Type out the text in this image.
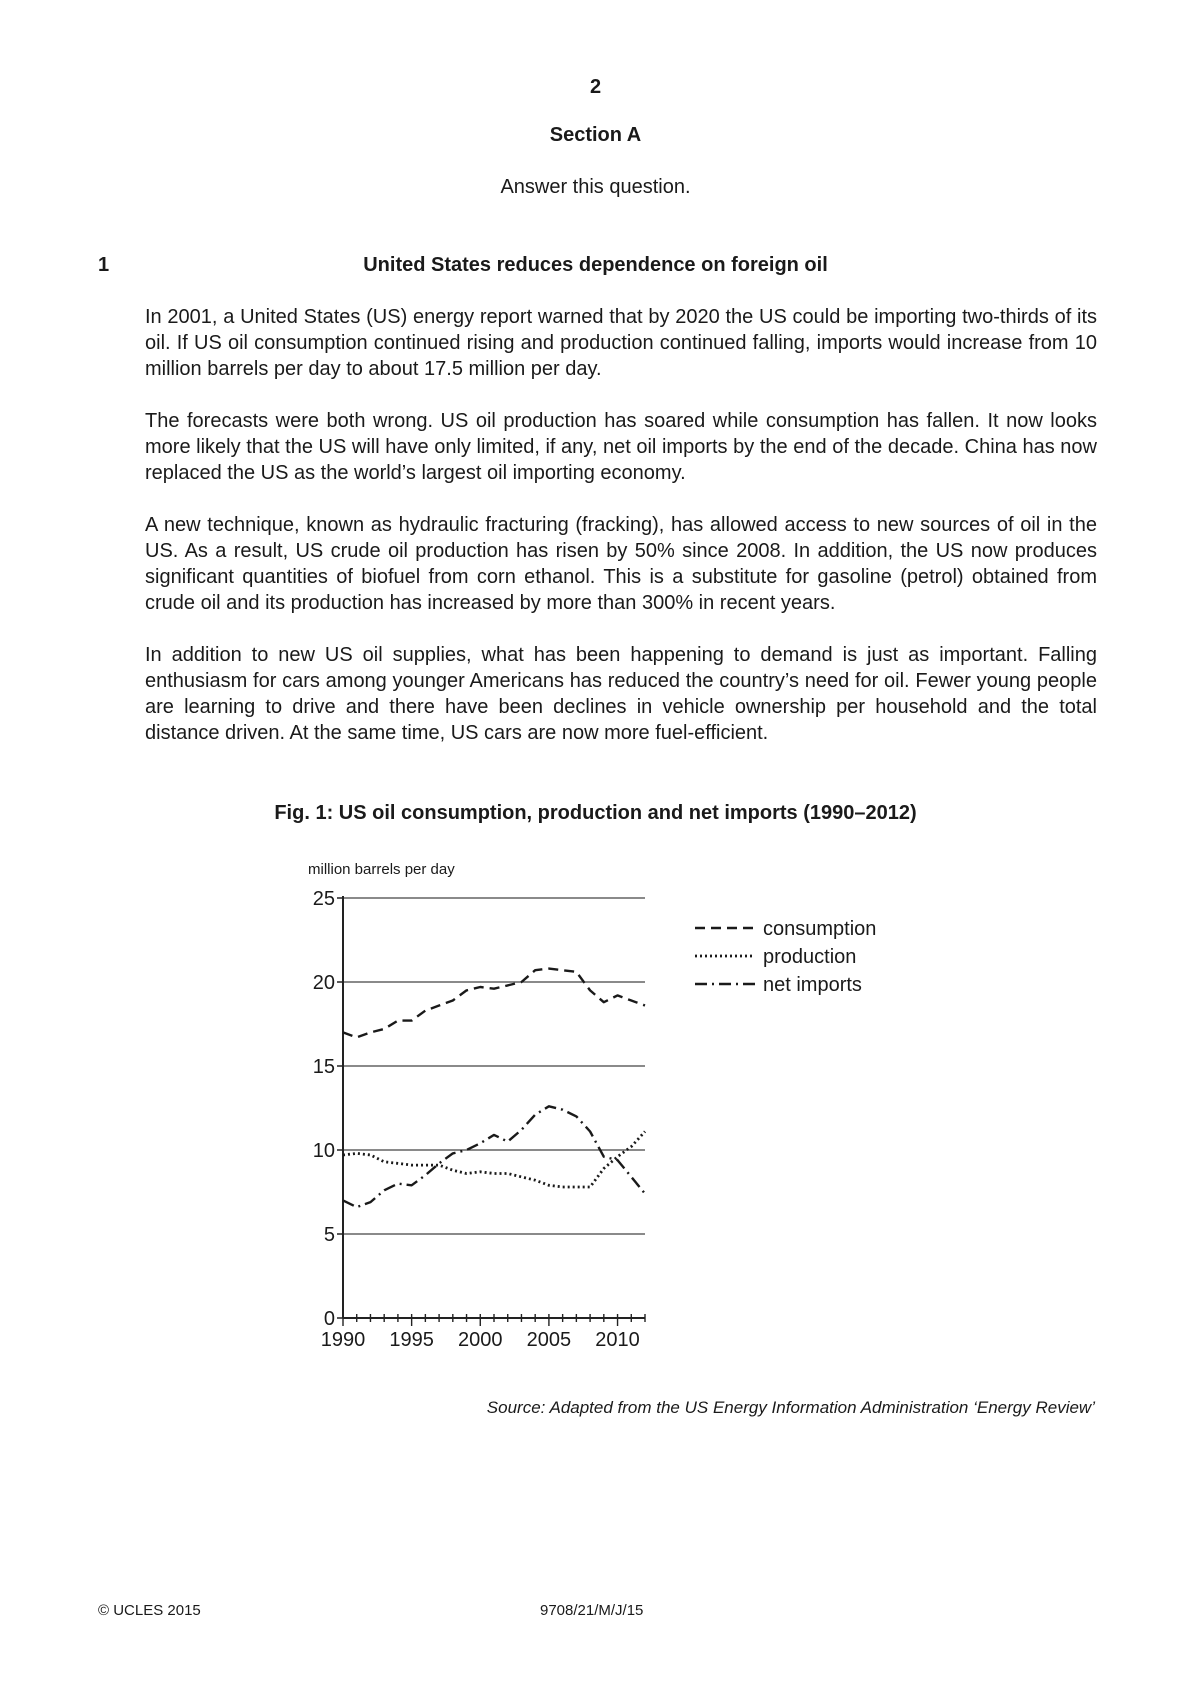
2
Section A
Answer this question.
1	United States reduces dependence on foreign oil

In 2001, a United States (US) energy report warned that by 2020 the US could be importing two-thirds of its oil. If US oil consumption continued rising and production continued falling, imports would increase from 10 million barrels per day to about 17.5 million per day.

The forecasts were both wrong. US oil production has soared while consumption has fallen. It now looks more likely that the US will have only limited, if any, net oil imports by the end of the decade. China has now replaced the US as the world’s largest oil importing economy.

A new technique, known as hydraulic fracturing (fracking), has allowed access to new sources of oil in the US. As a result, US crude oil production has risen by 50% since 2008. In addition, the US now produces significant quantities of biofuel from corn ethanol. This is a substitute for gasoline (petrol) obtained from crude oil and its production has increased by more than 300% in recent years.

In addition to new US oil supplies, what has been happening to demand is just as important. Falling enthusiasm for cars among younger Americans has reduced the country’s need for oil. Fewer young people are learning to drive and there have been declines in vehicle ownership per household and the total distance driven. At the same time, US cars are now more fuel-efficient.

Fig. 1: US oil consumption, production and net imports (1990–2012)
million barrels per day
0
5
10
15
20
25
1990 1995 2000 2005 2010
consumption
production
net imports
Source: Adapted from the US Energy Information Administration ‘Energy Review’
© UCLES 2015	9708/21/M/J/15
